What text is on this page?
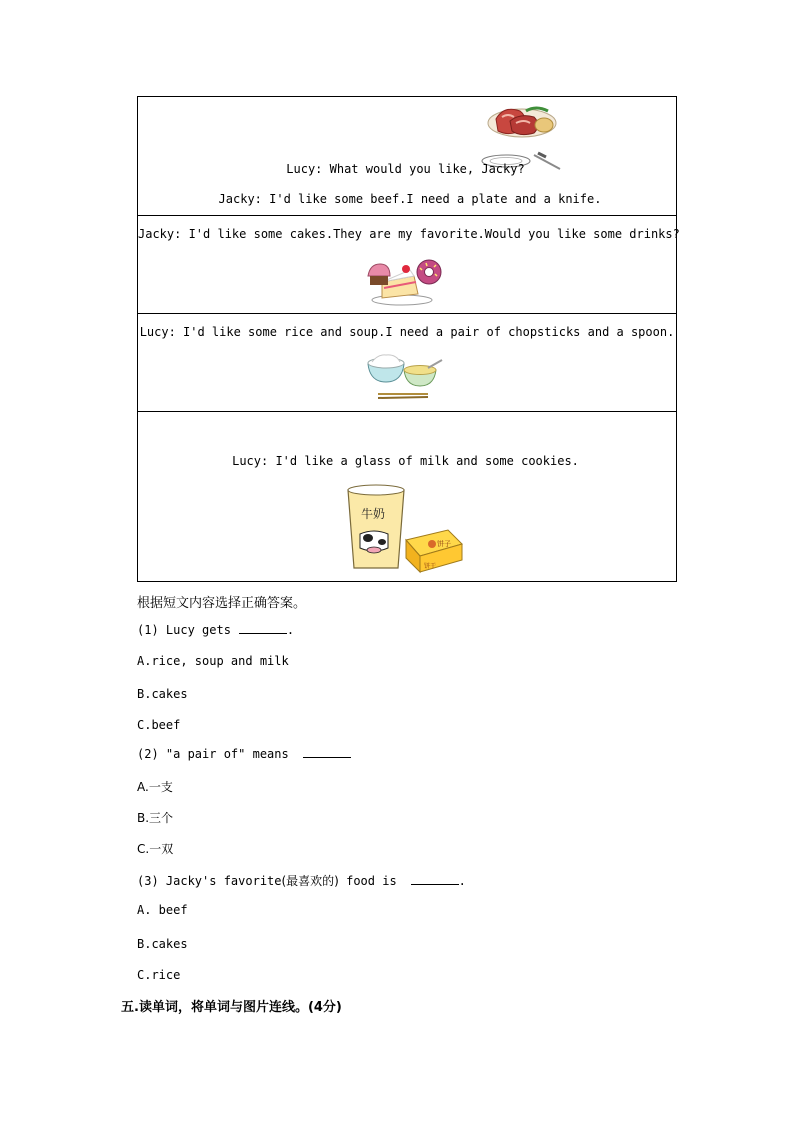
Lucy: What would you like, Jacky?
Jacky: I'd like some beef.I need a plate and a knife.

Jacky: I'd like some cakes.They are my favorite.Would you like some drinks?

Lucy: I'd like some rice and soup.I need a pair of chopsticks and a spoon.

Lucy: I'd like a glass of milk and some cookies.
牛奶
饼子
饼干
根据短文内容选择正确答案。
(1) Lucy gets	.
A.rice, soup and milk
B.cakes
C.beef
(2) "a pair of" means
A.一支
B.三个
C.一双
(3) Jacky's favorite(最喜欢的) food is	.
A. beef
B.cakes
C.rice
五.读单词，将单词与图片连线。(4分)
